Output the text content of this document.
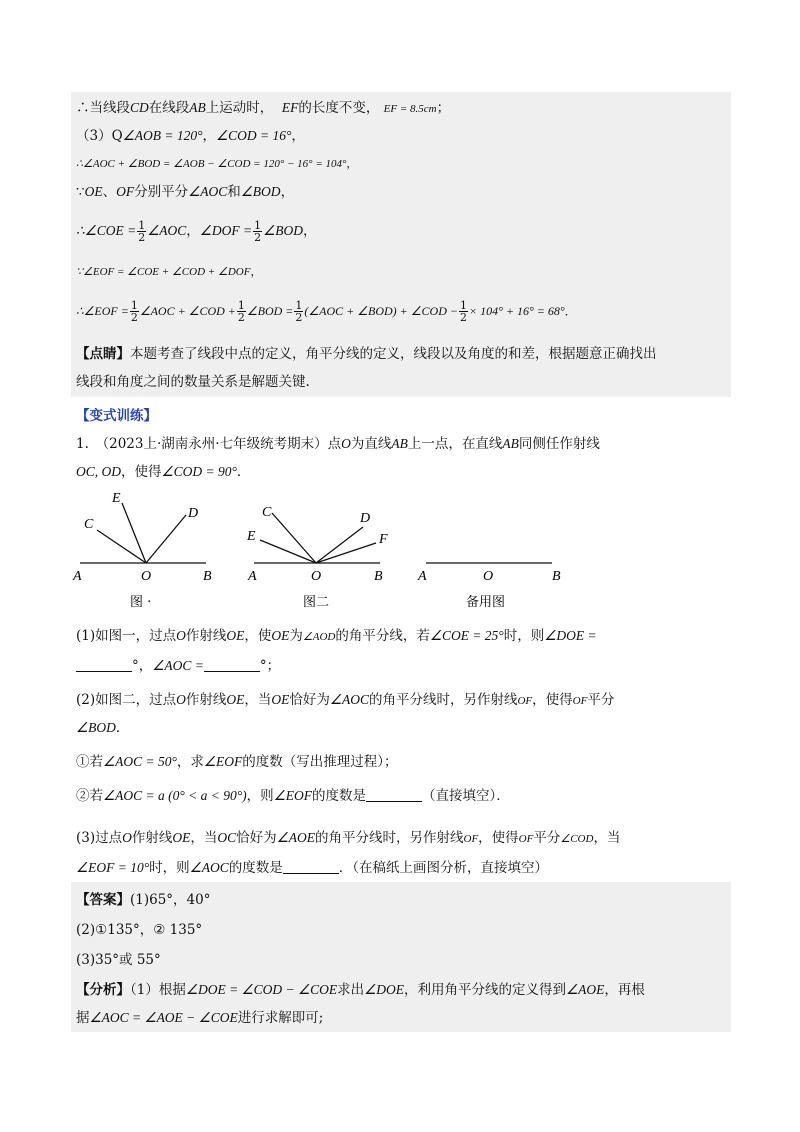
∴当线段CD在线段AB上运动时， EF的长度不变， EF = 8.5cm；
（3）Q∠AOB = 120°，∠COD = 16°，
∴∠AOC + ∠BOD = ∠AOB − ∠COD = 120° − 16° = 104°，
∵OE、OF分别平分∠AOC和∠BOD，
∴∠COE = $\frac{1}{2}$ ∠AOC，∠DOF = $\frac{1}{2}$ ∠BOD，
∵∠EOF = ∠COE + ∠COD + ∠DOF，
∴∠EOF = $\frac{1}{2}$ ∠AOC + ∠COD + $\frac{1}{2}$ ∠BOD = $\frac{1}{2}$ (∠AOC + ∠BOD) + ∠COD − $\frac{1}{2} \times 104^\circ + 16^\circ = 68^\circ$．
【点睛】本题考查了线段中点的定义，角平分线的定义，线段以及角度的和差，根据题意正确找出
线段和角度之间的数量关系是解题关键.
【变式训练】
1.　（2023上·湖南永州·七年级统考期末）点O为直线AB上一点，在直线AB同侧任作射线
OC, OD，使得∠COD = 90°．
A	O	B
C
E
D
图 ·
A	O	B
C
E
D
F
图二
A	O	B
备用图
(1)如图一，过点O作射线OE，使OE为∠AOD的角平分线，若∠COE = 25°时，则∠DOE =
°，∠AOC =	°；
(2)如图二，过点O作射线OE，当OE恰好为∠AOC的角平分线时，另作射线OF，使得OF平分
∠BOD．
①若∠AOC = 50°，求∠EOF的度数（写出推理过程）；
②若∠AOC = a (0° < a < 90°)，则∠EOF的度数是	（直接填空）．
(3)过点O作射线OE，当OC恰好为∠AOE的角平分线时，另作射线OF，使得OF平分∠COD，当
∠EOF = 10°时，则∠AOC的度数是	．（在稿纸上画图分析，直接填空）
【答案】(1)65°，40°
(2)①135°，② 135°
(3)35°或 55°
【分析】（1）根据∠DOE = ∠COD − ∠COE求出∠DOE，利用角平分线的定义得到∠AOE，再根
据∠AOC = ∠AOE − ∠COE进行求解即可;
